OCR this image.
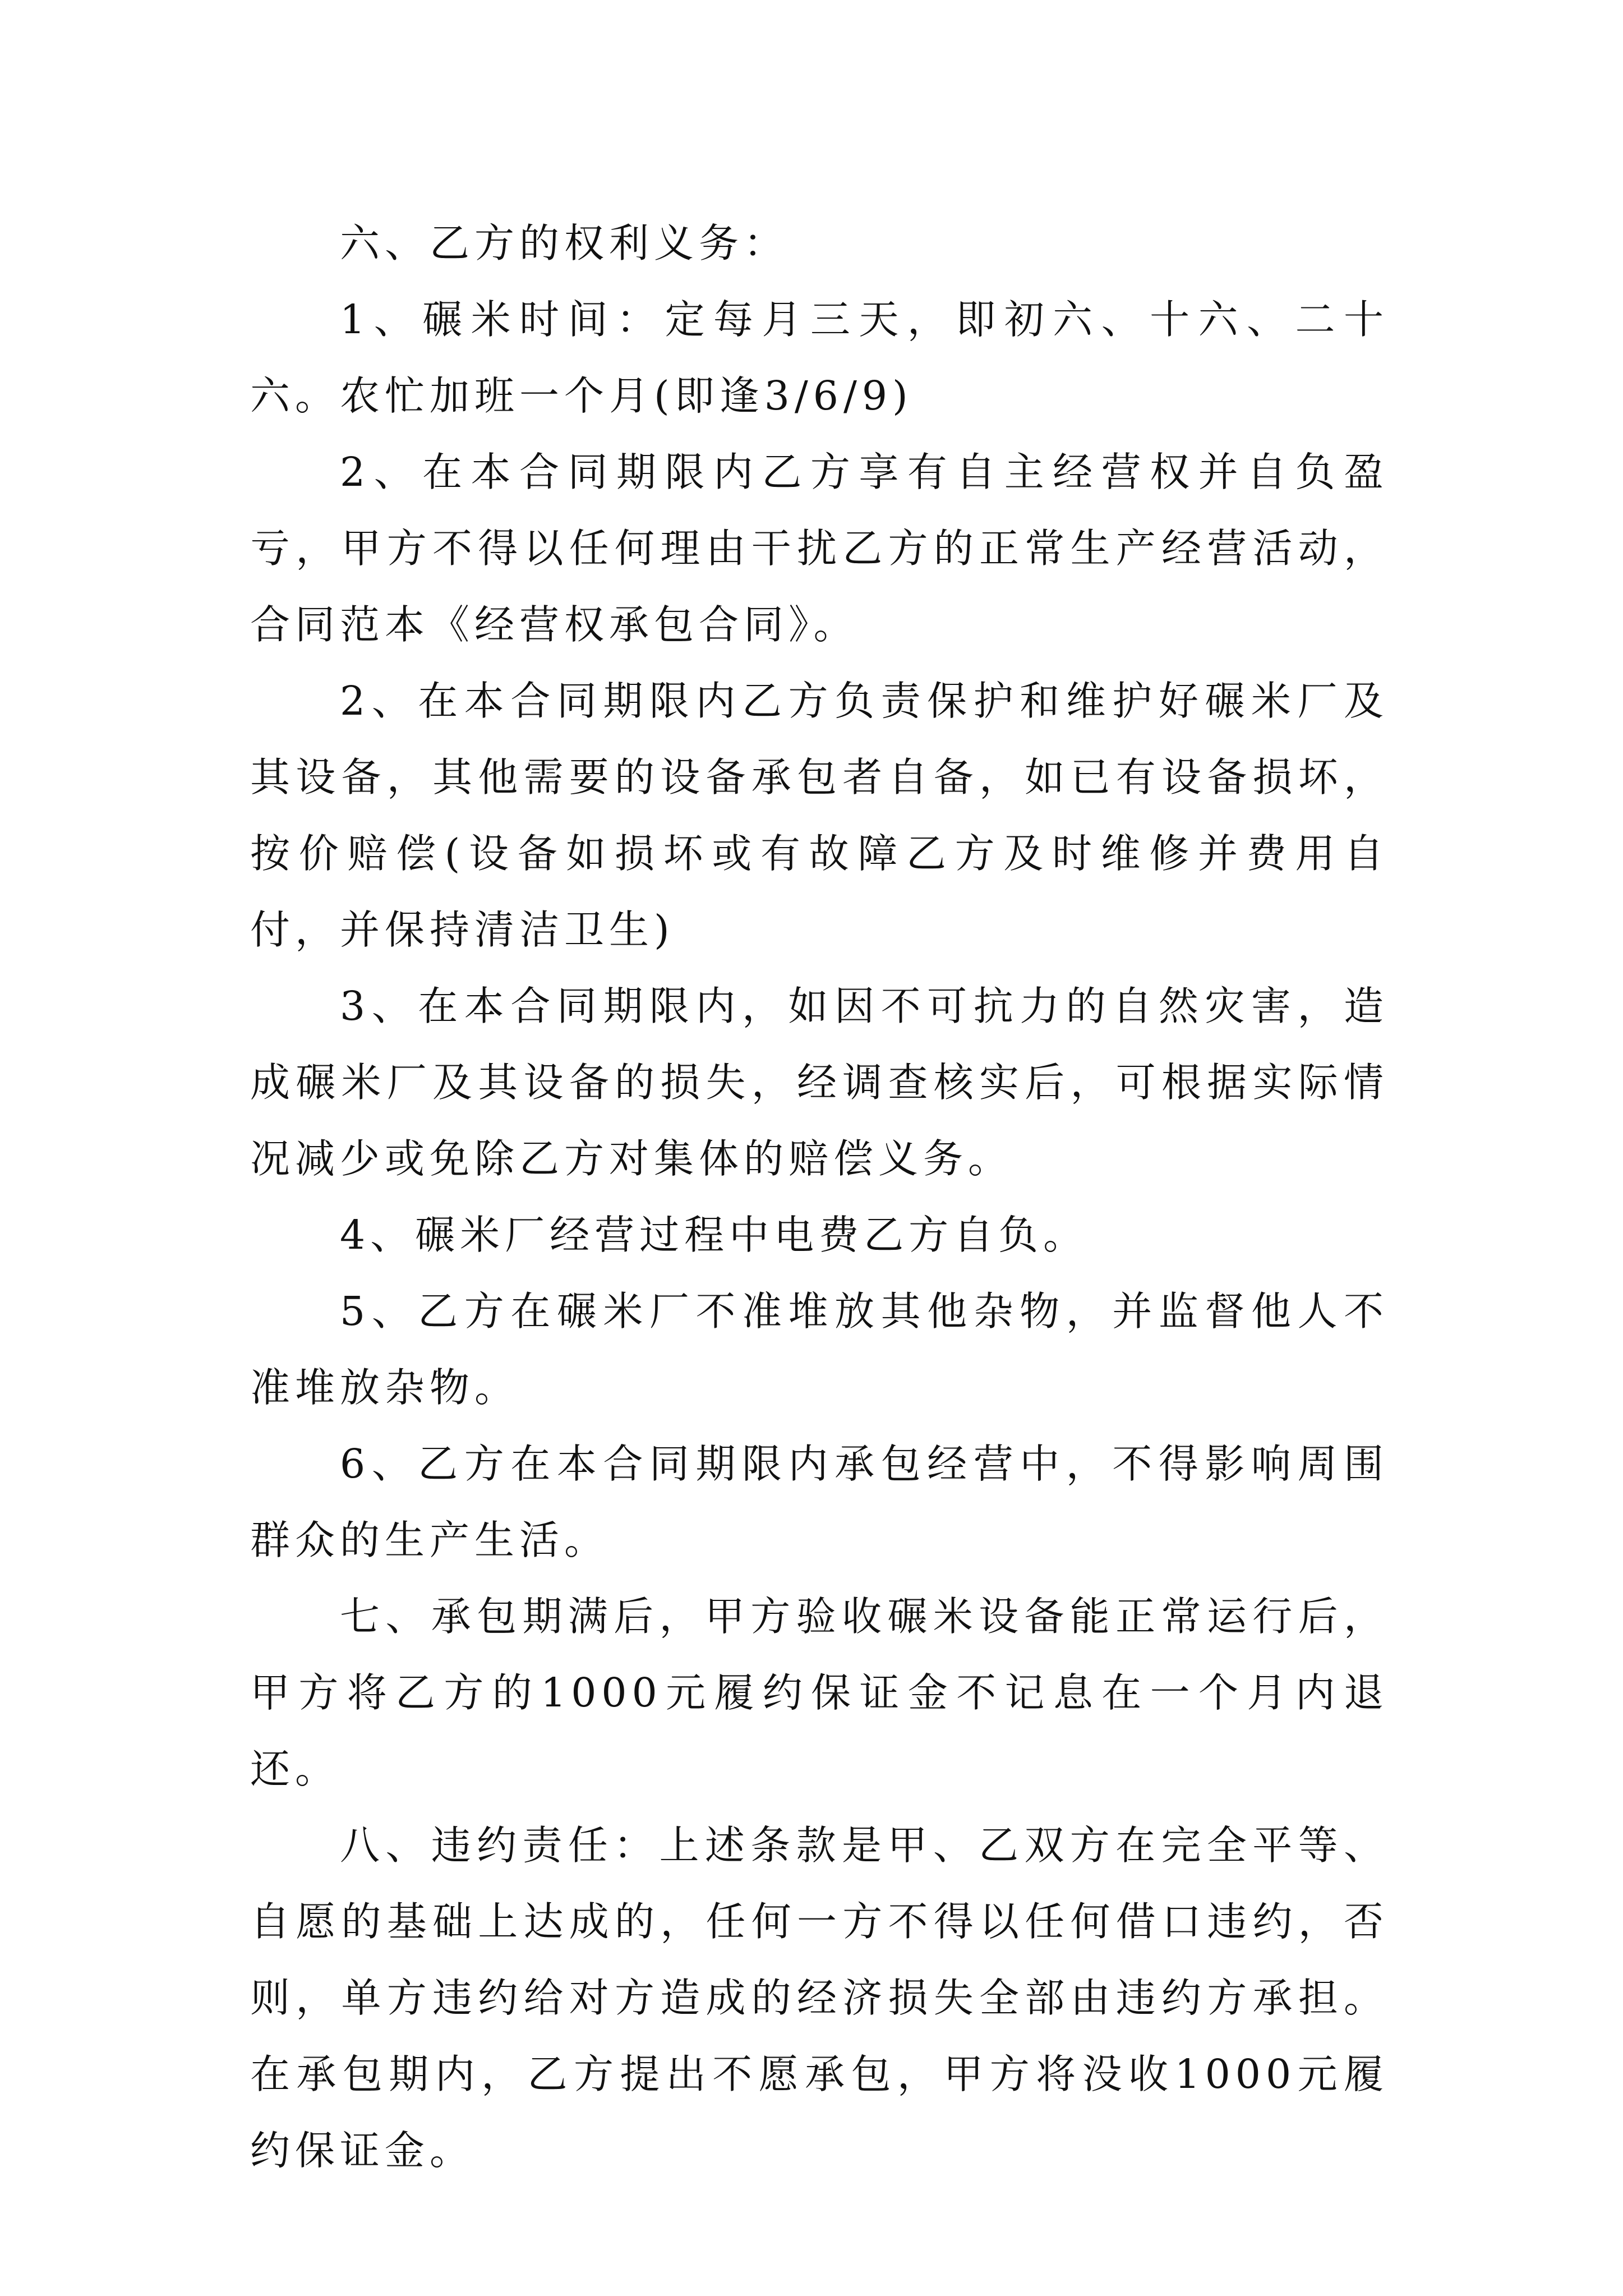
六、乙方的权利义务：

1、碾米时间：定每月三天，即初六、十六、二十六。农忙加班一个月(即逢3/6/9)

2、在本合同期限内乙方享有自主经营权并自负盈亏，甲方不得以任何理由干扰乙方的正常生产经营活动，合同范本《经营权承包合同》。

2、在本合同期限内乙方负责保护和维护好碾米厂及其设备，其他需要的设备承包者自备，如已有设备损坏，按价赔偿(设备如损坏或有故障乙方及时维修并费用自付，并保持清洁卫生)

3、在本合同期限内，如因不可抗力的自然灾害，造成碾米厂及其设备的损失，经调查核实后，可根据实际情况减少或免除乙方对集体的赔偿义务。

4、碾米厂经营过程中电费乙方自负。

5、乙方在碾米厂不准堆放其他杂物，并监督他人不准堆放杂物。

6、乙方在本合同期限内承包经营中，不得影响周围群众的生产生活。

七、承包期满后，甲方验收碾米设备能正常运行后，甲方将乙方的1000元履约保证金不记息在一个月内退还。

八、违约责任：上述条款是甲、乙双方在完全平等、自愿的基础上达成的，任何一方不得以任何借口违约，否则，单方违约给对方造成的经济损失全部由违约方承担。在承包期内，乙方提出不愿承包，甲方将没收1000元履约保证金。
